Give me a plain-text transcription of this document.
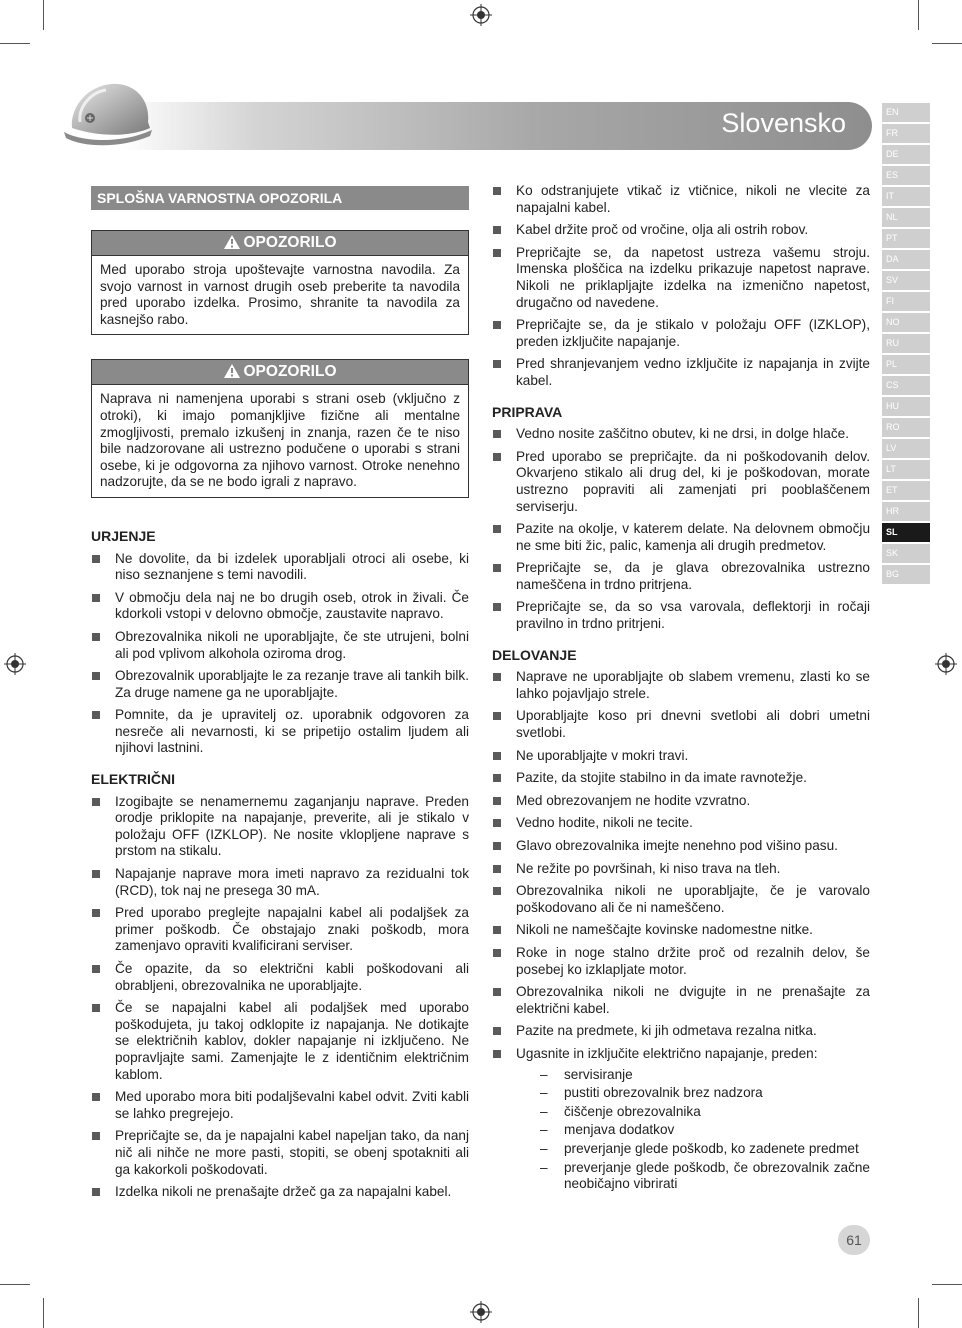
Slovensko	EN
FR
DE
ES
IT
NL
PT
DA
SV
FI
NO
RU
PL
CS
HU
RO
LV
LT
ET
HR
SL
SK
BG
SPLOŠNA VARNOSTNA OPOZORILA
OPOZORILO
Med uporabo stroja upoštevajte varnostna navodila. Za svojo varnost in varnost drugih oseb preberite ta navodila pred uporabo izdelka. Prosimo, shranite ta navodila za kasnejšo rabo.
OPOZORILO
Naprava ni namenjena uporabi s strani oseb (vključno z otroki), ki imajo pomanjkljive fizične ali mentalne zmogljivosti, premalo izkušenj in znanja, razen če te niso bile nadzorovane ali ustrezno podučene o uporabi s strani osebe, ki je odgovorna za njihovo varnost. Otroke nenehno nadzorujte, da se ne bodo igrali z napravo.
URJENJE
Ne dovolite, da bi izdelek uporabljali otroci ali osebe, ki niso seznanjene s temi navodili.
V območju dela naj ne bo drugih oseb, otrok in živali. Če kdorkoli vstopi v delovno območje, zaustavite napravo.
Obrezovalnika nikoli ne uporabljajte, če ste utrujeni, bolni ali pod vplivom alkohola oziroma drog.
Obrezovalnik uporabljajte le za rezanje trave ali tankih bilk. Za druge namene ga ne uporabljajte.
Pomnite, da je upravitelj oz. uporabnik odgovoren za nesreče ali nevarnosti, ki se pripetijo ostalim ljudem ali njihovi lastnini.
ELEKTRIČNI
Izogibajte se nenamernemu zaganjanju naprave. Preden orodje priklopite na napajanje, preverite, ali je stikalo v položaju OFF (IZKLOP). Ne nosite vklopljene naprave s prstom na stikalu.
Napajanje naprave mora imeti napravo za rezidualni tok (RCD), tok naj ne presega 30 mA.
Pred uporabo preglejte napajalni kabel ali podaljšek za primer poškodb. Če obstajajo znaki poškodb, mora zamenjavo opraviti kvalificirani serviser.
Če opazite, da so električni kabli poškodovani ali obrabljeni, obrezovalnika ne uporabljajte.
Če se napajalni kabel ali podaljšek med uporabo poškodujeta, ju takoj odklopite iz napajanja. Ne dotikajte se električnih kablov, dokler napajanje ni izključeno. Ne popravljajte sami. Zamenjajte le z identičnim električnim kablom.
Med uporabo mora biti podaljševalni kabel odvit. Zviti kabli se lahko pregrejejo.
Prepričajte se, da je napajalni kabel napeljan tako, da nanj nič ali nihče ne more pasti, stopiti, se obenj spotakniti ali ga kakorkoli poškodovati.
Izdelka nikoli ne prenašajte držeč ga za napajalni kabel.
Ko odstranjujete vtikač iz vtičnice, nikoli ne vlecite za napajalni kabel.
Kabel držite proč od vročine, olja ali ostrih robov.
Prepričajte se, da napetost ustreza vašemu stroju. Imenska ploščica na izdelku prikazuje napetost naprave. Nikoli ne priklapljajte izdelka na izmenično napetost, drugačno od navedene.
Prepričajte se, da je stikalo v položaju OFF (IZKLOP), preden izključite napajanje.
Pred shranjevanjem vedno izključite iz napajanja in zvijte kabel.
PRIPRAVA
Vedno nosite zaščitno obutev, ki ne drsi, in dolge hlače.
Pred uporabo se prepričajte. da ni poškodovanih delov. Okvarjeno stikalo ali drug del, ki je poškodovan, morate ustrezno popraviti ali zamenjati pri pooblaščenem serviserju.
Pazite na okolje, v katerem delate. Na delovnem območju ne sme biti žic, palic, kamenja ali drugih predmetov.
Prepričajte se, da je glava obrezovalnika ustrezno nameščena in trdno pritrjena.
Prepričajte se, da so vsa varovala, deflektorji in ročaji pravilno in trdno pritrjeni.
DELOVANJE
Naprave ne uporabljajte ob slabem vremenu, zlasti ko se lahko pojavljajo strele.
Uporabljajte koso pri dnevni svetlobi ali dobri umetni svetlobi.
Ne uporabljajte v mokri travi.
Pazite, da stojite stabilno in da imate ravnotežje.
Med obrezovanjem ne hodite vzvratno.
Vedno hodite, nikoli ne tecite.
Glavo obrezovalnika imejte nenehno pod višino pasu.
Ne režite po površinah, ki niso trava na tleh.
Obrezovalnika nikoli ne uporabljajte, če je varovalo poškodovano ali če ni nameščeno.
Nikoli ne nameščajte kovinske nadomestne nitke.
Roke in noge stalno držite proč od rezalnih delov, še posebej ko izklapljate motor.
Obrezovalnika nikoli ne dvigujte in ne prenašajte za električni kabel.
Pazite na predmete, ki jih odmetava rezalna nitka.
Ugasnite in izključite električno napajanje, preden:
– servisiranje
– pustiti obrezovalnik brez nadzora
– čiščenje obrezovalnika
– menjava dodatkov
– preverjanje glede poškodb, ko zadenete predmet
– preverjanje glede poškodb, če obrezovalnik začne neobičajno vibrirati
61
